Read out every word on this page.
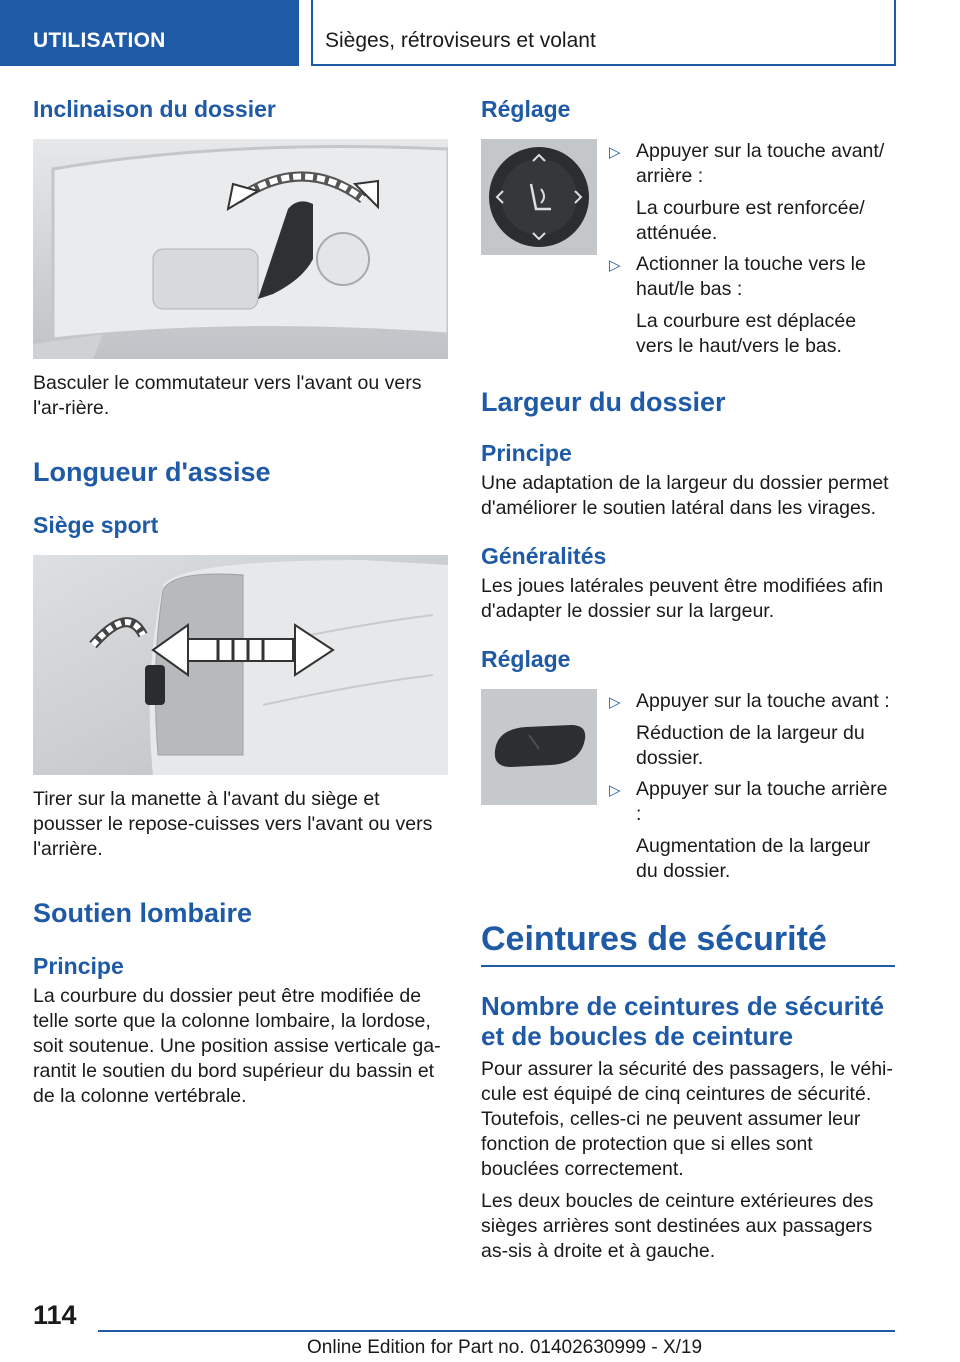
UTILISATION	Sièges, rétroviseurs et volant
Inclinaison du dossier
Basculer le commutateur vers l'avant ou vers l'ar-rière.
Longueur d'assise
Siège sport
Tirer sur la manette à l'avant du siège et pousser le repose-cuisses vers l'avant ou vers l'arrière.
Soutien lombaire
Principe
La courbure du dossier peut être modifiée de telle sorte que la colonne lombaire, la lordose, soit soutenue. Une position assise verticale ga-rantit le soutien du bord supérieur du bassin et de la colonne vertébrale.
Réglage
▷ Appuyer sur la touche avant/ arrière :
La courbure est renforcée/ atténuée.
▷ Actionner la touche vers le haut/le bas :
La courbure est déplacée vers le haut/vers le bas.
Largeur du dossier
Principe
Une adaptation de la largeur du dossier permet d'améliorer le soutien latéral dans les virages.
Généralités
Les joues latérales peuvent être modifiées afin d'adapter le dossier sur la largeur.
Réglage
▷ Appuyer sur la touche avant :
Réduction de la largeur du dossier.
▷ Appuyer sur la touche arrière :
Augmentation de la largeur du dossier.
Ceintures de sécurité
Nombre de ceintures de sécurité et de boucles de ceinture
Pour assurer la sécurité des passagers, le véhi-cule est équipé de cinq ceintures de sécurité. Toutefois, celles-ci ne peuvent assumer leur fonction de protection que si elles sont bouclées correctement.
Les deux boucles de ceinture extérieures des sièges arrières sont destinées aux passagers as-sis à droite et à gauche.
114
Online Edition for Part no. 01402630999 - X/19
